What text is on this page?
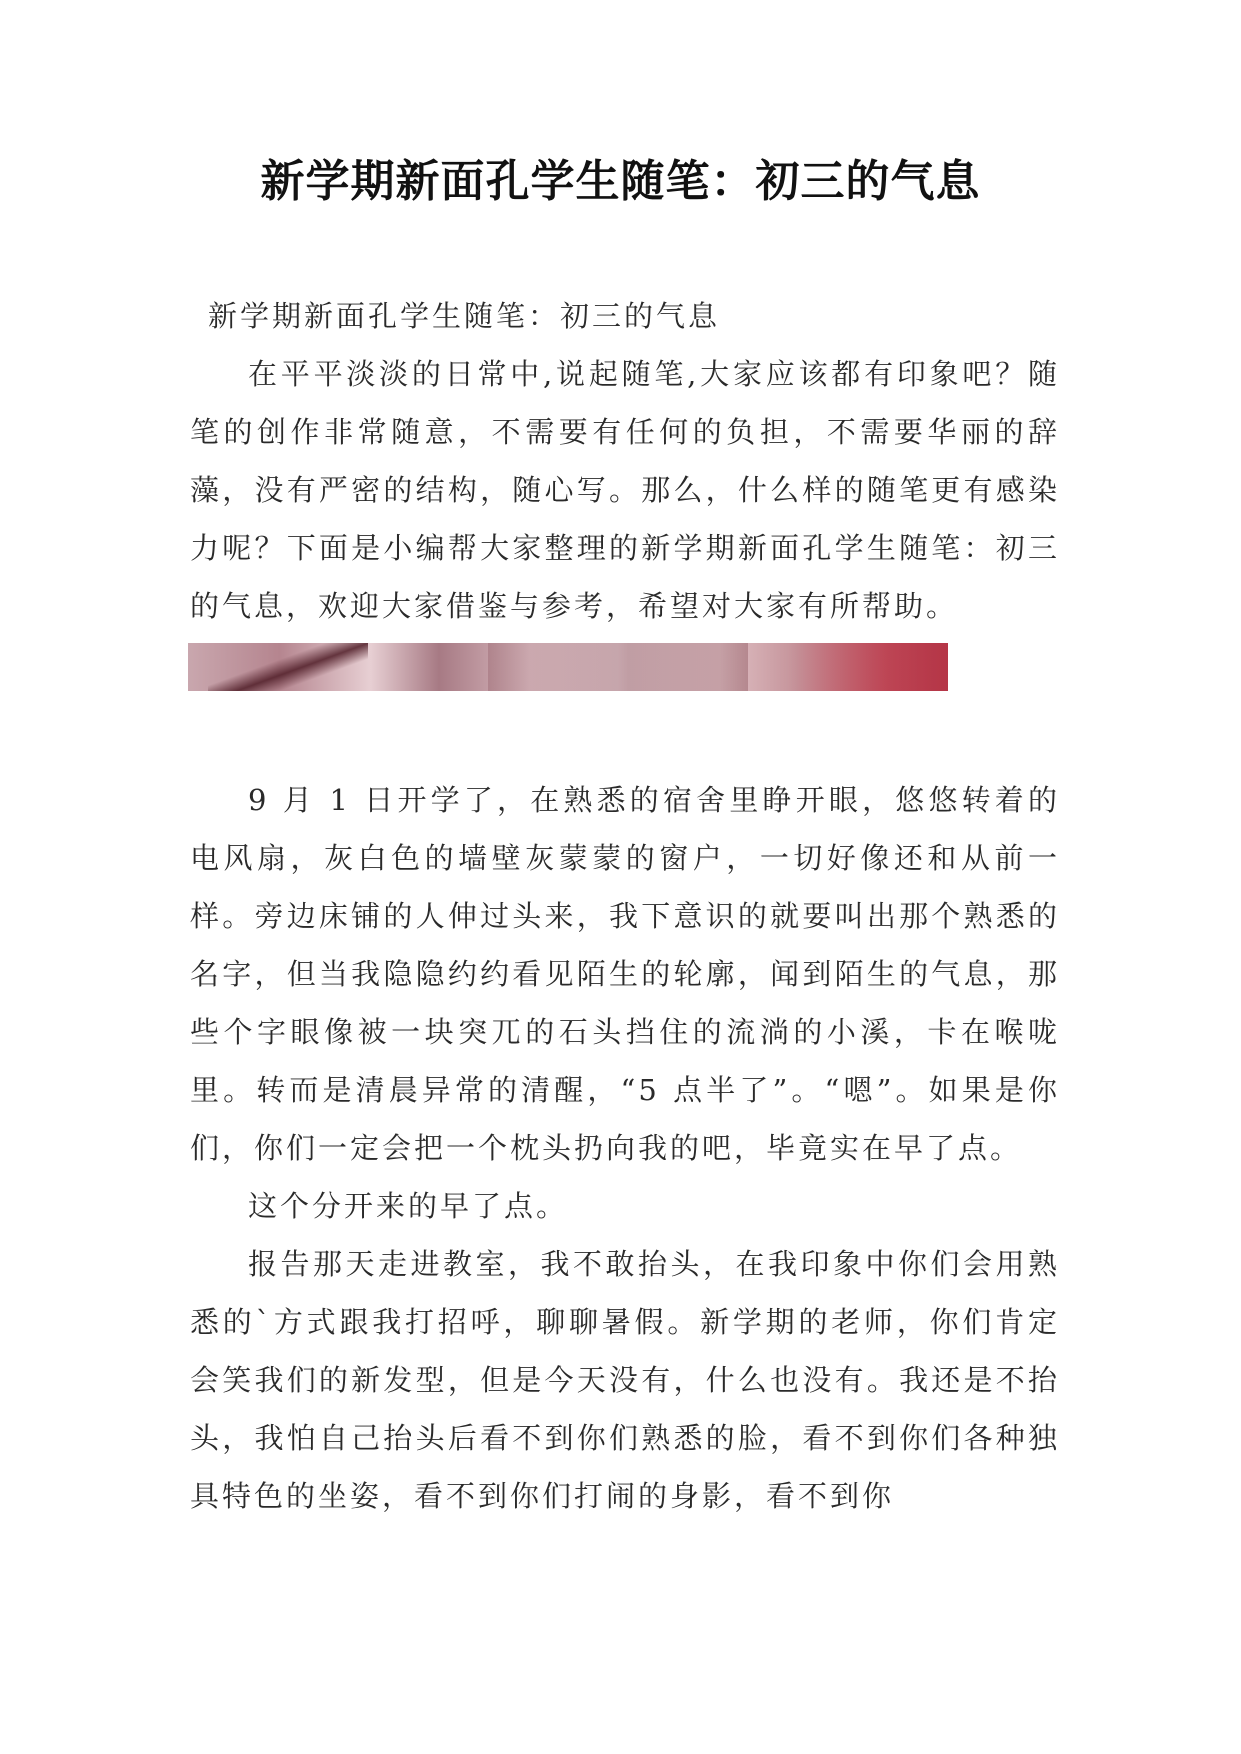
新学期新面孔学生随笔：初三的气息

新学期新面孔学生随笔：初三的气息

在平平淡淡的日常中,说起随笔,大家应该都有印象吧？随笔的创作非常随意，不需要有任何的负担，不需要华丽的辞藻，没有严密的结构，随心写。那么，什么样的随笔更有感染力呢？下面是小编帮大家整理的新学期新面孔学生随笔：初三的气息，欢迎大家借鉴与参考，希望对大家有所帮助。

9 月 1 日开学了，在熟悉的宿舍里睁开眼，悠悠转着的电风扇，灰白色的墙壁灰蒙蒙的窗户，一切好像还和从前一样。旁边床铺的人伸过头来，我下意识的就要叫出那个熟悉的名字，但当我隐隐约约看见陌生的轮廓，闻到陌生的气息，那些个字眼像被一块突兀的石头挡住的流淌的小溪，卡在喉咙里。转而是清晨异常的清醒，“5 点半了”。“嗯”。如果是你们，你们一定会把一个枕头扔向我的吧，毕竟实在早了点。

这个分开来的早了点。

报告那天走进教室，我不敢抬头，在我印象中你们会用熟悉的`方式跟我打招呼，聊聊暑假。新学期的老师，你们肯定会笑我们的新发型，但是今天没有，什么也没有。我还是不抬头，我怕自己抬头后看不到你们熟悉的脸，看不到你们各种独具特色的坐姿，看不到你们打闹的身影，看不到你
